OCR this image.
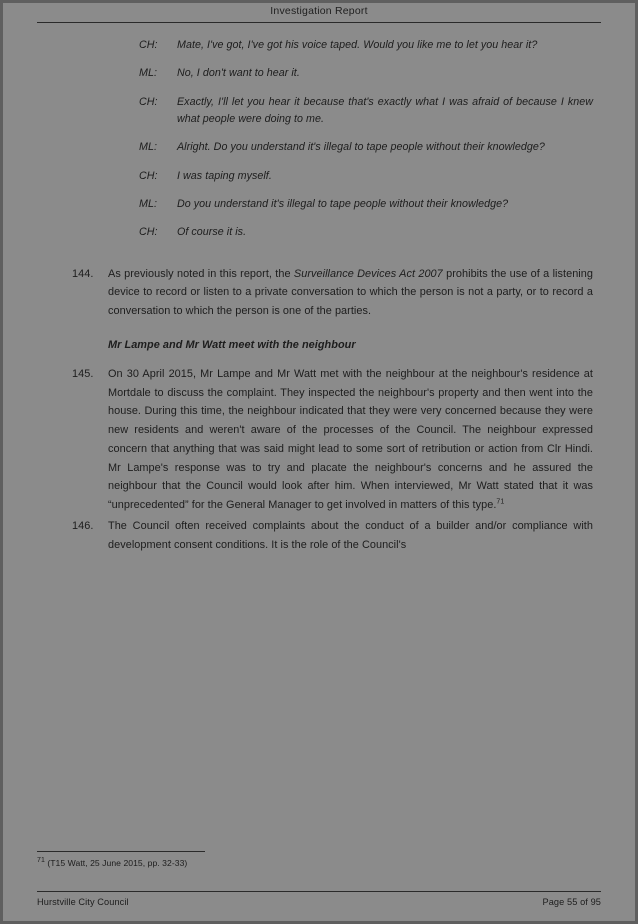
Investigation Report
CH:	Mate, I've got, I've got his voice taped. Would you like me to let you hear it?
ML:	No, I don't want to hear it.
CH:	Exactly, I'll let you hear it because that's exactly what I was afraid of because I knew what people were doing to me.
ML:	Alright. Do you understand it's illegal to tape people without their knowledge?
CH:	I was taping myself.
ML:	Do you understand it's illegal to tape people without their knowledge?
CH:	Of course it is.
144.	As previously noted in this report, the Surveillance Devices Act 2007 prohibits the use of a listening device to record or listen to a private conversation to which the person is not a party, or to record a conversation to which the person is one of the parties.
Mr Lampe and Mr Watt meet with the neighbour
145.	On 30 April 2015, Mr Lampe and Mr Watt met with the neighbour at the neighbour's residence at Mortdale to discuss the complaint. They inspected the neighbour's property and then went into the house. During this time, the neighbour indicated that they were very concerned because they were new residents and weren't aware of the processes of the Council. The neighbour expressed concern that anything that was said might lead to some sort of retribution or action from Clr Hindi. Mr Lampe's response was to try and placate the neighbour's concerns and he assured the neighbour that the Council would look after him. When interviewed, Mr Watt stated that it was “unprecedented” for the General Manager to get involved in matters of this type.$^{71}$
146.	The Council often received complaints about the conduct of a builder and/or compliance with development consent conditions. It is the role of the Council's
$^{71}$ (T15 Watt, 25 June 2015, pp. 32-33)
Hurstville City Council	Page 55 of 95
